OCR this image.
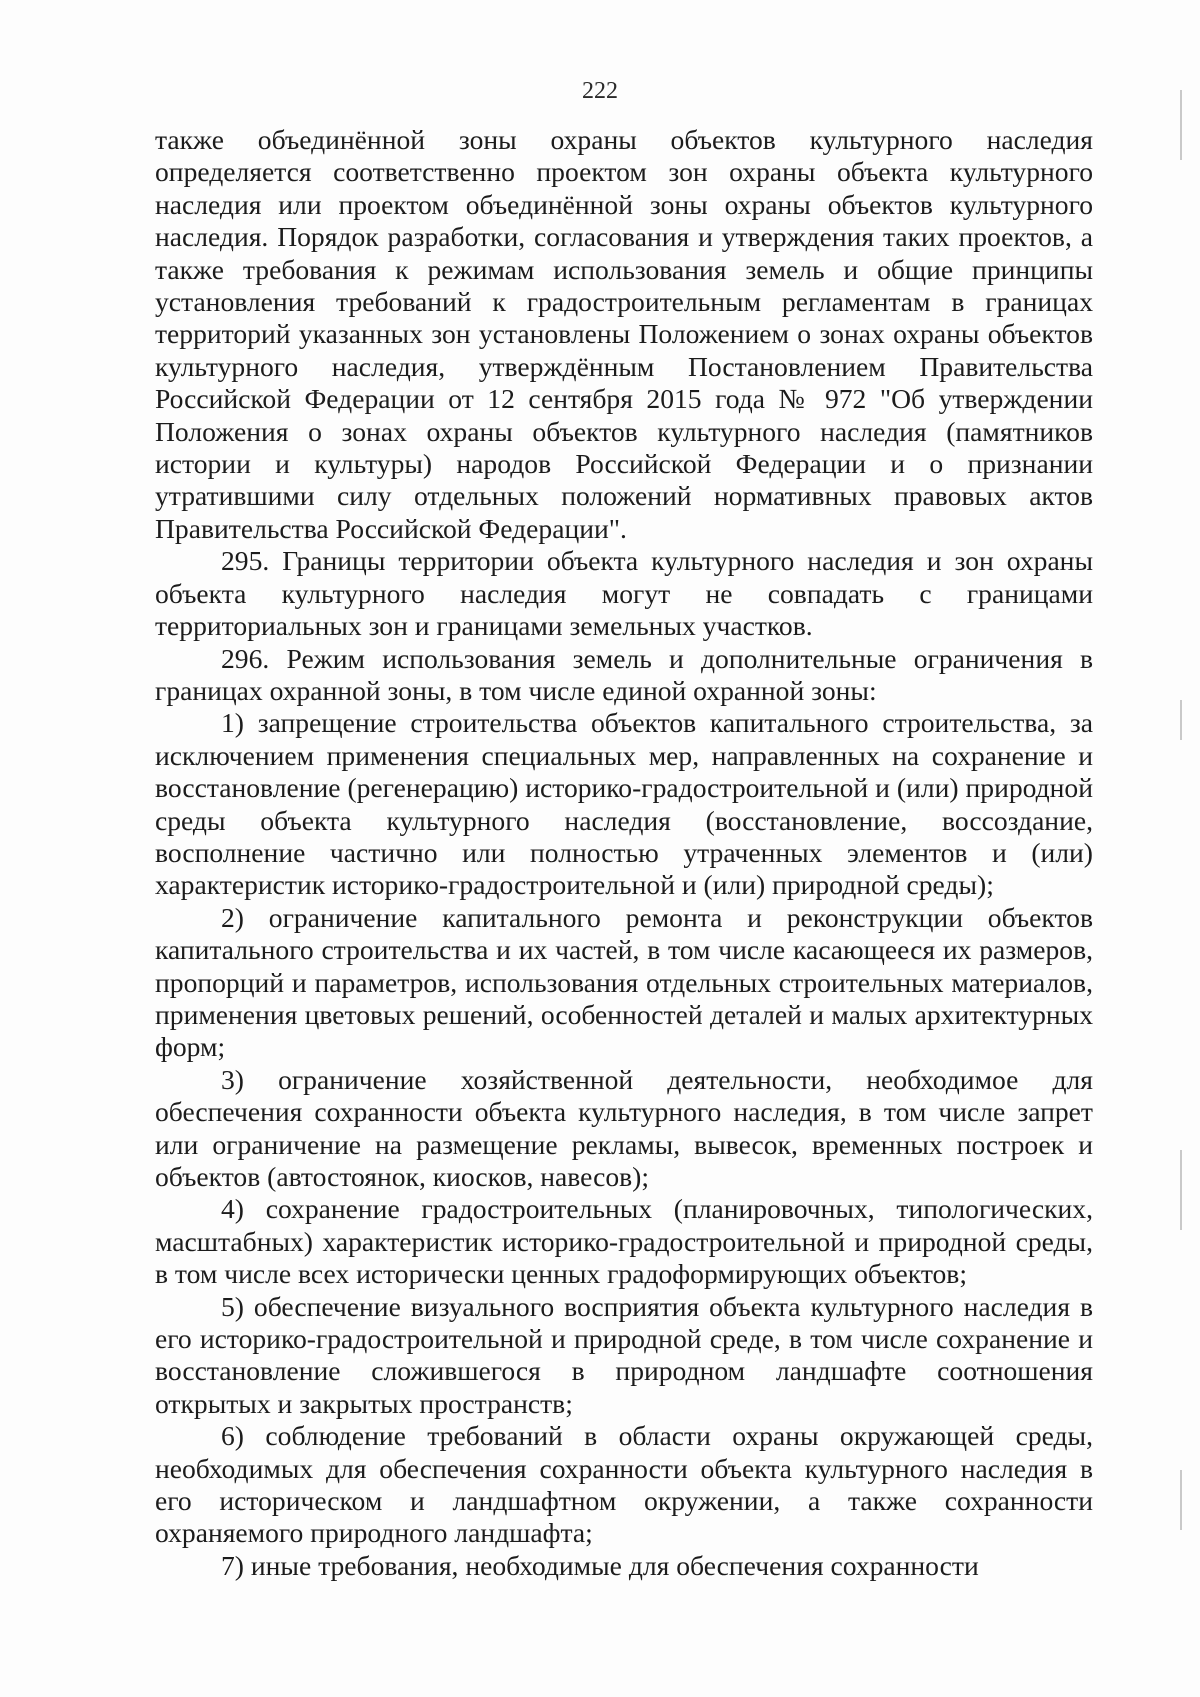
222

также объединённой зоны охраны объектов культурного наследия определяется соответственно проектом зон охраны объекта культурного наследия или проектом объединённой зоны охраны объектов культурного наследия. Порядок разработки, согласования и утверждения таких проектов, а также требования к режимам использования земель и общие принципы установления требований к градостроительным регламентам в границах территорий указанных зон установлены Положением о зонах охраны объектов культурного наследия, утверждённым Постановлением Правительства Российской Федерации от 12 сентября 2015 года № 972 "Об утверждении Положения о зонах охраны объектов культурного наследия (памятников истории и культуры) народов Российской Федерации и о признании утратившими силу отдельных положений нормативных правовых актов Правительства Российской Федерации".

295. Границы территории объекта культурного наследия и зон охраны объекта культурного наследия могут не совпадать с границами территориальных зон и границами земельных участков.

296. Режим использования земель и дополнительные ограничения в границах охранной зоны, в том числе единой охранной зоны:

1) запрещение строительства объектов капитального строительства, за исключением применения специальных мер, направленных на сохранение и восстановление (регенерацию) историко-градостроительной и (или) природной среды объекта культурного наследия (восстановление, воссоздание, восполнение частично или полностью утраченных элементов и (или) характеристик историко-градостроительной и (или) природной среды);

2) ограничение капитального ремонта и реконструкции объектов капитального строительства и их частей, в том числе касающееся их размеров, пропорций и параметров, использования отдельных строительных материалов, применения цветовых решений, особенностей деталей и малых архитектурных форм;

3) ограничение хозяйственной деятельности, необходимое для обеспечения сохранности объекта культурного наследия, в том числе запрет или ограничение на размещение рекламы, вывесок, временных построек и объектов (автостоянок, киосков, навесов);

4) сохранение градостроительных (планировочных, типологических, масштабных) характеристик историко-градостроительной и природной среды, в том числе всех исторически ценных градоформирующих объектов;

5) обеспечение визуального восприятия объекта культурного наследия в его историко-градостроительной и природной среде, в том числе сохранение и восстановление сложившегося в природном ландшафте соотношения открытых и закрытых пространств;

6) соблюдение требований в области охраны окружающей среды, необходимых для обеспечения сохранности объекта культурного наследия в его историческом и ландшафтном окружении, а также сохранности охраняемого природного ландшафта;

7) иные требования, необходимые для обеспечения сохранности
